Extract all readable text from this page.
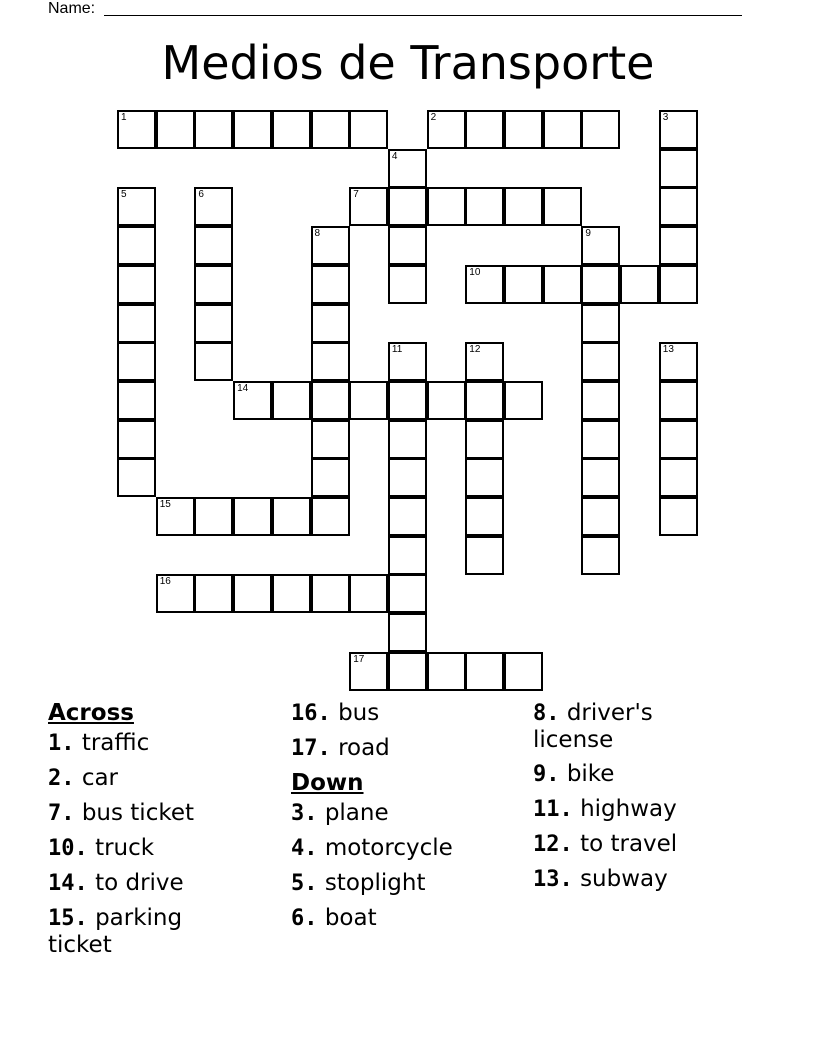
Name:
Medios de Transporte
1	2	3
4
5	6	7
8	9
10
11	12	13
14
15
16
17
Across
1. traffic
2. car
7. bus ticket
10. truck
14. to drive
15. parking ticket
16. bus
17. road
Down
3. plane
4. motorcycle
5. stoplight
6. boat
8. driver's license
9. bike
11. highway
12. to travel
13. subway
